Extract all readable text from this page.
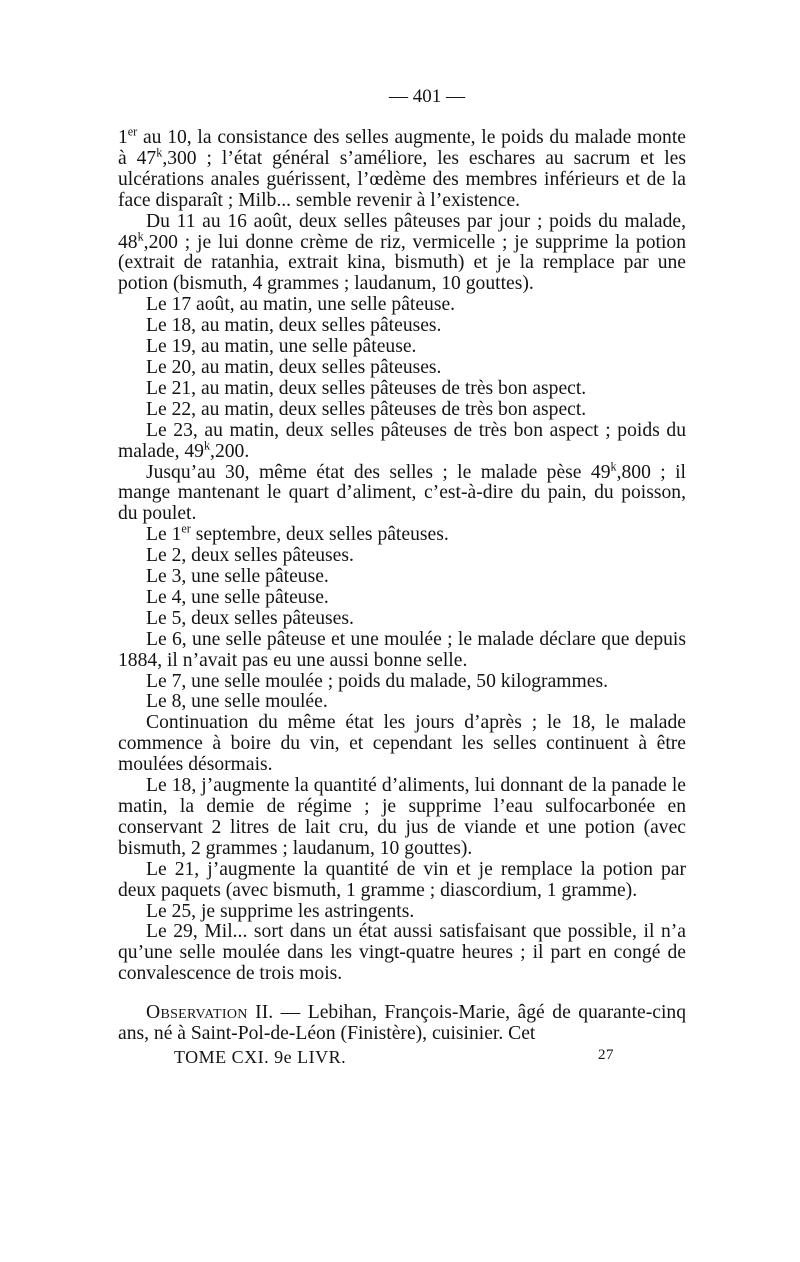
— 401 —

1er au 10, la consistance des selles augmente, le poids du malade monte à 47$^k$,300 ; l’état général s’améliore, les eschares au sacrum et les ulcérations anales guérissent, l’œdème des membres inférieurs et de la face disparaît ; Milb... semble revenir à l’existence.

Du 11 au 16 août, deux selles pâteuses par jour ; poids du malade, 48$^k$,200 ; je lui donne crème de riz, vermicelle ; je supprime la potion (extrait de ratanhia, extrait kina, bismuth) et je la remplace par une potion (bismuth, 4 grammes ; laudanum, 10 gouttes).

Le 17 août, au matin, une selle pâteuse.

Le 18, au matin, deux selles pâteuses.

Le 19, au matin, une selle pâteuse.

Le 20, au matin, deux selles pâteuses.

Le 21, au matin, deux selles pâteuses de très bon aspect.

Le 22, au matin, deux selles pâteuses de très bon aspect.

Le 23, au matin, deux selles pâteuses de très bon aspect ; poids du malade, 49$^k$,200.

Jusqu’au 30, même état des selles ; le malade pèse 49$^k$,800 ; il mange mantenant le quart d’aliment, c’est-à-dire du pain, du poisson, du poulet.

Le 1er septembre, deux selles pâteuses.

Le 2, deux selles pâteuses.

Le 3, une selle pâteuse.

Le 4, une selle pâteuse.

Le 5, deux selles pâteuses.

Le 6, une selle pâteuse et une moulée ; le malade déclare que depuis 1884, il n’avait pas eu une aussi bonne selle.

Le 7, une selle moulée ; poids du malade, 50 kilogrammes.

Le 8, une selle moulée.

Continuation du même état les jours d’après ; le 18, le malade commence à boire du vin, et cependant les selles continuent à être moulées désormais.

Le 18, j’augmente la quantité d’aliments, lui donnant de la panade le matin, la demie de régime ; je supprime l’eau sulfocarbonée en conservant 2 litres de lait cru, du jus de viande et une potion (avec bismuth, 2 grammes ; laudanum, 10 gouttes).

Le 21, j’augmente la quantité de vin et je remplace la potion par deux paquets (avec bismuth, 1 gramme ; diascordium, 1 gramme).

Le 25, je supprime les astringents.

Le 29, Mil... sort dans un état aussi satisfaisant que possible, il n’a qu’une selle moulée dans les vingt-quatre heures ; il part en congé de convalescence de trois mois.

Observation II. — Lebihan, François-Marie, âgé de quarante-cinq ans, né à Saint-Pol-de-Léon (Finistère), cuisinier. Cet

TOME CXI. 9e LIVR.	27
